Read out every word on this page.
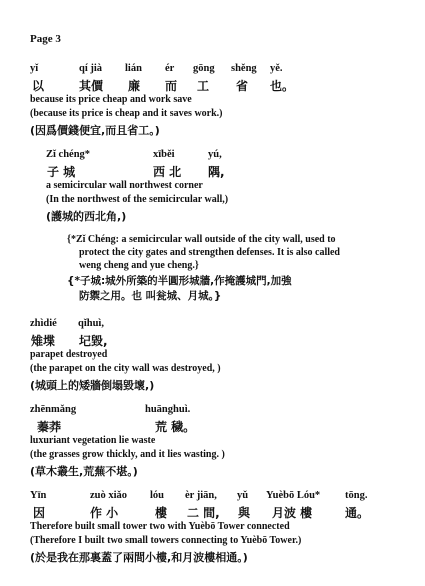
Page 3
yǐ	qí jià lián ér gōng shěng yě.
以	其價 廉 而 工 省 也。
because its price cheap and work save
(because its price is cheap and it saves work.)
(因爲價錢便宜,而且省工。)
Zǐ chéng*	xīběi	yú,
子 城	西 北 隅,
a semicircular wall northwest corner
(In the northwest of the semicircular wall,)
(護城的西北角,)
{*Zǐ Chéng: a semicircular wall outside of the city wall, used to
protect the city gates and strengthen defenses. It is also called
weng cheng and yue cheng.}
{*子城:城外所築的半圓形城牆,作掩護城門,加強
防禦之用。也 叫瓮城、月城。}
zhìdié qǐhuì,
雉堞 圮毀,
parapet destroyed
(the parapet on the city wall was destroyed, )
(城頭上的矮牆倒塌毀壞,)
zhēnmǎng	huānghuì.
蓁莽	荒 穢。
luxuriant vegetation lie waste
(the grasses grow thickly, and it lies wasting. )
(草木叢生,荒蕪不堪。)
Yīn	zuò xiǎo lóu èr jiān, yǔ Yuèbō Lóu* tōng.
因	作 小	樓 二 間, 與 月波 樓	通。
Therefore built small tower two with Yuèbō Tower connected
(Therefore I built two small towers connecting to Yuèbō Tower.)
(於是我在那裏蓋了兩間小樓,和月波樓相通。)
